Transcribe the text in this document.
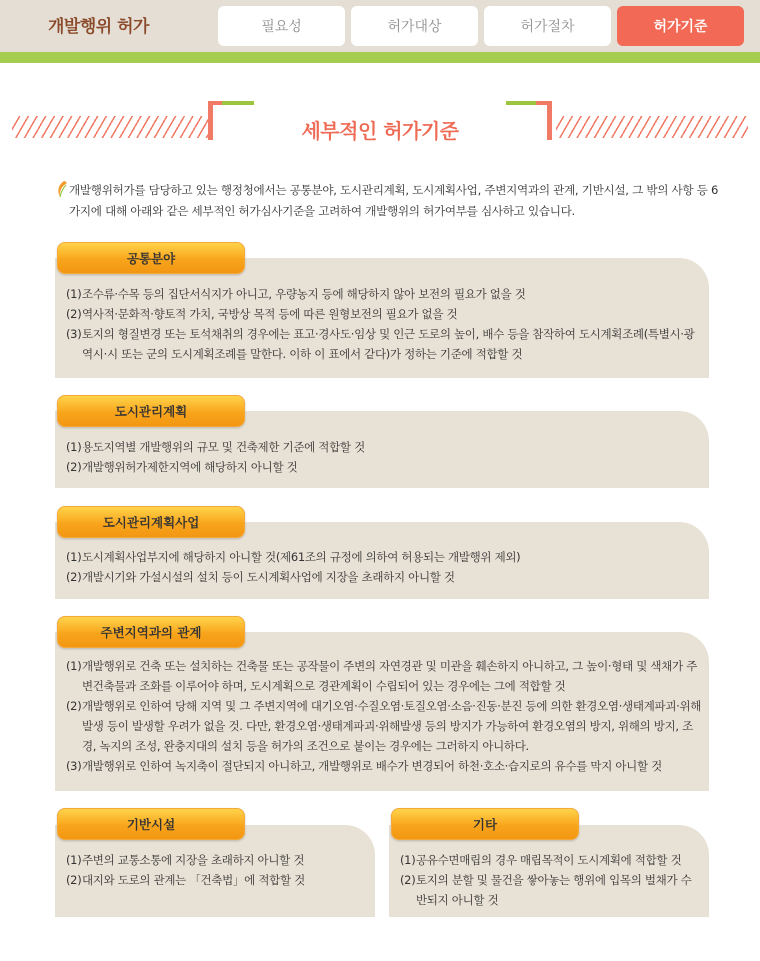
개발행위 허가	필요성	허가대상	허가절차	허가기준
세부적인 허가기준
개발행위허가를 담당하고 있는 행정청에서는 공통분야, 도시관리계획, 도시계획사업, 주변지역과의 관계, 기반시설, 그 밖의 사항 등 6가지에 대해 아래와 같은 세부적인 허가심사기준을 고려하여 개발행위의 허가여부를 심사하고 있습니다.
공통분야
(1)조수류·수목 등의 집단서식지가 아니고, 우량농지 등에 해당하지 않아 보전의 필요가 없을 것
(2)역사적·문화적·향토적 가치, 국방상 목적 등에 따른 원형보전의 필요가 없을 것
(3)토지의 형질변경 또는 토석채취의 경우에는 표고·경사도·임상 및 인근 도로의 높이, 배수 등을 참작하여 도시계획조례(특별시·광역시·시 또는 군의 도시계획조례를 말한다. 이하 이 표에서 같다)가 정하는 기준에 적합할 것
도시관리계획
(1)용도지역별 개발행위의 규모 및 건축제한 기준에 적합할 것
(2)개발행위허가제한지역에 해당하지 아니할 것
도시관리계획사업
(1)도시계획사업부지에 해당하지 아니할 것(제61조의 규정에 의하여 허용되는 개발행위 제외)
(2)개발시기와 가설시설의 설치 등이 도시계획사업에 지장을 초래하지 아니할 것
주변지역과의 관계
(1)개발행위로 건축 또는 설치하는 건축물 또는 공작물이 주변의 자연경관 및 미관을 훼손하지 아니하고, 그 높이·형태 및 색채가 주변건축물과 조화를 이루어야 하며, 도시계획으로 경관계획이 수립되어 있는 경우에는 그에 적합할 것
(2)개발행위로 인하여 당해 지역 및 그 주변지역에 대기오염·수질오염·토질오염·소음·진동·분진 등에 의한 환경오염·생태계파괴·위해발생 등이 발생할 우려가 없을 것. 다만, 환경오염·생태계파괴·위해발생 등의 방지가 가능하여 환경오염의 방지, 위해의 방지, 조경, 녹지의 조성, 완충지대의 설치 등을 허가의 조건으로 붙이는 경우에는 그러하지 아니하다.
(3)개발행위로 인하여 녹지축이 절단되지 아니하고, 개발행위로 배수가 변경되어 하천·호소·습지로의 유수를 막지 아니할 것
기반시설
(1)주변의 교통소통에 지장을 초래하지 아니할 것
(2)대지와 도로의 관계는 「건축법」에 적합할 것
기타
(1)공유수면매립의 경우 매립목적이 도시계획에 적합할 것
(2)토지의 분할 및 물건을 쌓아놓는 행위에 입목의 벌채가 수반되지 아니할 것
